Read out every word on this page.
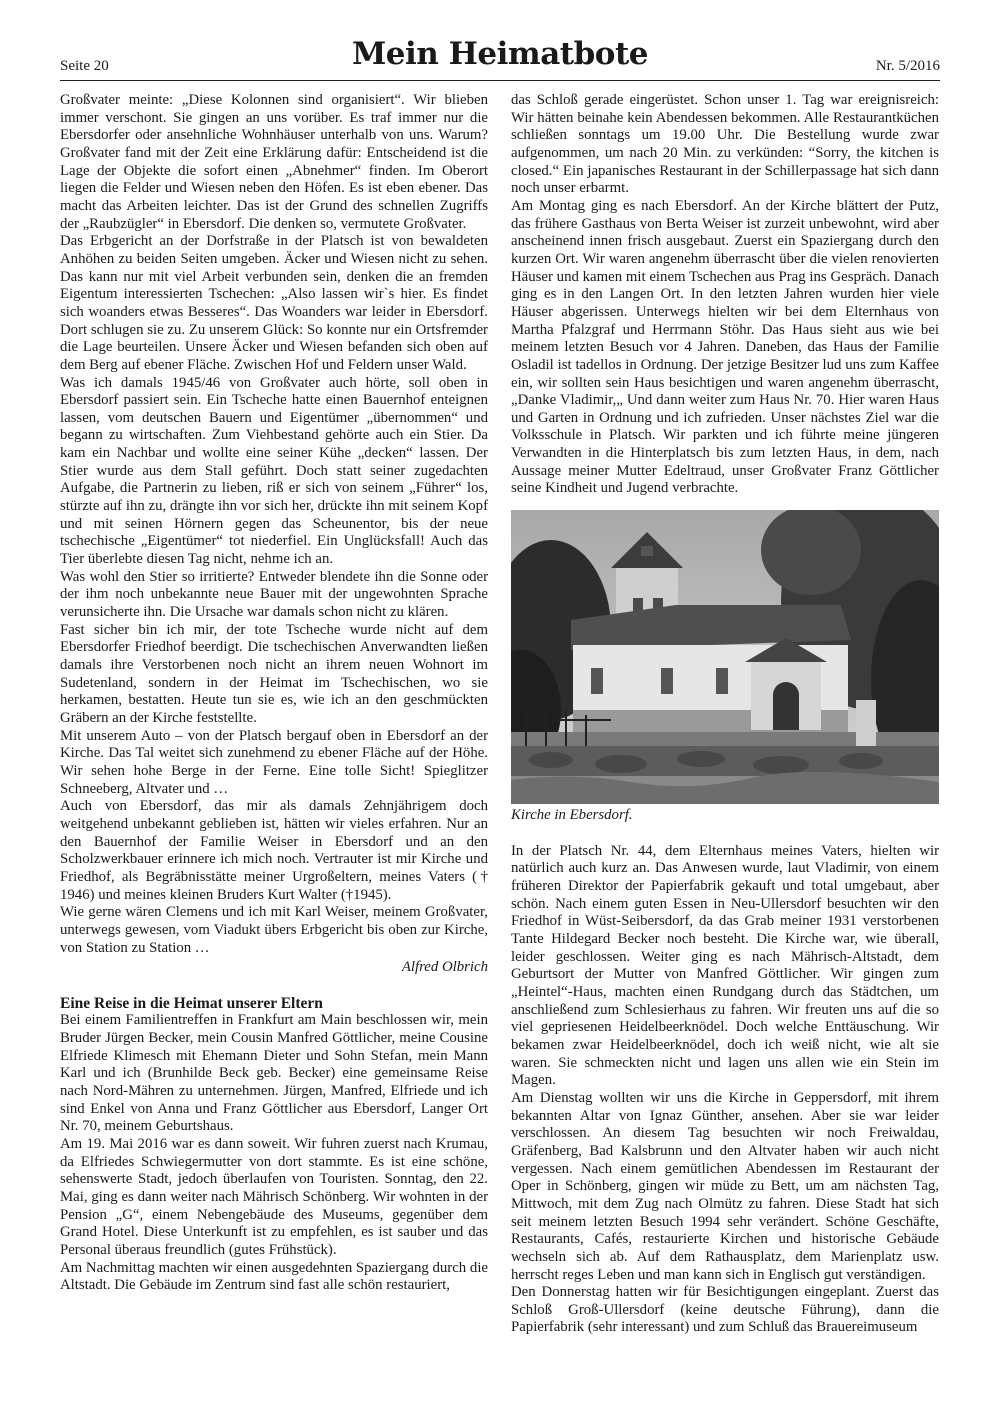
Seite 20	Mein Heimatbote	Nr. 5/2016

Großvater meinte: „Diese Kolonnen sind organisiert“. Wir blieben immer verschont. Sie gingen an uns vorüber. Es traf immer nur die Ebersdorfer oder ansehnliche Wohnhäuser unterhalb von uns. Warum? Großvater fand mit der Zeit eine Erklärung dafür: Entscheidend ist die Lage der Objekte die sofort einen „Abnehmer“ finden. Im Oberort liegen die Felder und Wiesen neben den Höfen. Es ist eben ebener. Das macht das Arbeiten leichter. Das ist der Grund des schnellen Zugriffs der „Raubzügler“ in Ebersdorf. Die denken so, vermutete Großvater.

Das Erbgericht an der Dorfstraße in der Platsch ist von bewaldeten Anhöhen zu beiden Seiten umgeben. Äcker und Wiesen nicht zu sehen. Das kann nur mit viel Arbeit verbunden sein, denken die an fremden Eigentum interessierten Tschechen: „Also lassen wir`s hier. Es findet sich woanders etwas Besseres“. Das Woanders war leider in Ebersdorf. Dort schlugen sie zu. Zu unserem Glück: So konnte nur ein Ortsfremder die Lage beurteilen. Unsere Äcker und Wiesen befanden sich oben auf dem Berg auf ebener Fläche. Zwischen Hof und Feldern unser Wald.

Was ich damals 1945/46 von Großvater auch hörte, soll oben in Ebersdorf passiert sein. Ein Tscheche hatte einen Bauernhof enteignen lassen, vom deutschen Bauern und Eigentümer „übernommen“ und begann zu wirtschaften. Zum Viehbestand gehörte auch ein Stier. Da kam ein Nachbar und wollte eine seiner Kühe „decken“ lassen. Der Stier wurde aus dem Stall geführt. Doch statt seiner zugedachten Aufgabe, die Partnerin zu lieben, riß er sich von seinem „Führer“ los, stürzte auf ihn zu, drängte ihn vor sich her, drückte ihn mit seinem Kopf und mit seinen Hörnern gegen das Scheunentor, bis der neue tschechische „Eigentümer“ tot niederfiel. Ein Unglücksfall! Auch das Tier überlebte diesen Tag nicht, nehme ich an.

Was wohl den Stier so irritierte? Entweder blendete ihn die Sonne oder der ihm noch unbekannte neue Bauer mit der ungewohnten Sprache verunsicherte ihn. Die Ursache war damals schon nicht zu klären.

Fast sicher bin ich mir, der tote Tscheche wurde nicht auf dem Ebersdorfer Friedhof beerdigt. Die tschechischen Anverwandten ließen damals ihre Verstorbenen noch nicht an ihrem neuen Wohnort im Sudetenland, sondern in der Heimat im Tschechischen, wo sie herkamen, bestatten. Heute tun sie es, wie ich an den geschmückten Gräbern an der Kirche feststellte.

Mit unserem Auto – von der Platsch bergauf oben in Ebersdorf an der Kirche. Das Tal weitet sich zunehmend zu ebener Fläche auf der Höhe. Wir sehen hohe Berge in der Ferne. Eine tolle Sicht! Spieglitzer Schneeberg, Altvater und …

Auch von Ebersdorf, das mir als damals Zehnjährigem doch weitgehend unbekannt geblieben ist, hätten wir vieles erfahren. Nur an den Bauernhof der Familie Weiser in Ebersdorf und an den Scholzwerkbauer erinnere ich mich noch. Vertrauter ist mir Kirche und Friedhof, als Begräbnisstätte meiner Urgroßeltern, meines Vaters († 1946) und meines kleinen Bruders Kurt Walter (†1945).

Wie gerne wären Clemens und ich mit Karl Weiser, meinem Großvater, unterwegs gewesen, vom Viadukt übers Erbgericht bis oben zur Kirche, von Station zu Station …

Alfred Olbrich

Eine Reise in die Heimat unserer Eltern

Bei einem Familientreffen in Frankfurt am Main beschlossen wir, mein Bruder Jürgen Becker, mein Cousin Manfred Göttlicher, meine Cousine Elfriede Klimesch mit Ehemann Dieter und Sohn Stefan, mein Mann Karl und ich (Brunhilde Beck geb. Becker) eine gemeinsame Reise nach Nord-Mähren zu unternehmen. Jürgen, Manfred, Elfriede und ich sind Enkel von Anna und Franz Göttlicher aus Ebersdorf, Langer Ort Nr. 70, meinem Geburtshaus.

Am 19. Mai 2016 war es dann soweit. Wir fuhren zuerst nach Krumau, da Elfriedes Schwiegermutter von dort stammte. Es ist eine schöne, sehenswerte Stadt, jedoch überlaufen von Touristen. Sonntag, den 22. Mai, ging es dann weiter nach Mährisch Schönberg. Wir wohnten in der Pension „G“, einem Nebengebäude des Museums, gegenüber dem Grand Hotel. Diese Unterkunft ist zu empfehlen, es ist sauber und das Personal überaus freundlich (gutes Frühstück).

Am Nachmittag machten wir einen ausgedehnten Spaziergang durch die Altstadt. Die Gebäude im Zentrum sind fast alle schön restauriert,

das Schloß gerade eingerüstet. Schon unser 1. Tag war ereignisreich: Wir hätten beinahe kein Abendessen bekommen. Alle Restaurantküchen schließen sonntags um 19.00 Uhr. Die Bestellung wurde zwar aufgenommen, um nach 20 Min. zu verkünden: “Sorry, the kitchen is closed.“ Ein japanisches Restaurant in der Schillerpassage hat sich dann noch unser erbarmt.

Am Montag ging es nach Ebersdorf. An der Kirche blättert der Putz, das frühere Gasthaus von Berta Weiser ist zurzeit unbewohnt, wird aber anscheinend innen frisch ausgebaut. Zuerst ein Spaziergang durch den kurzen Ort. Wir waren angenehm überrascht über die vielen renovierten Häuser und kamen mit einem Tschechen aus Prag ins Gespräch. Danach ging es in den Langen Ort. In den letzten Jahren wurden hier viele Häuser abgerissen. Unterwegs hielten wir bei dem Elternhaus von Martha Pfalzgraf und Herrmann Stöhr. Das Haus sieht aus wie bei meinem letzten Besuch vor 4 Jahren. Daneben, das Haus der Familie Osladil ist tadellos in Ordnung. Der jetzige Besitzer lud uns zum Kaffee ein, wir sollten sein Haus besichtigen und waren angenehm überrascht, „Danke Vladimir,„ Und dann weiter zum Haus Nr. 70. Hier waren Haus und Garten in Ordnung und ich zufrieden. Unser nächstes Ziel war die Volksschule in Platsch. Wir parkten und ich führte meine jüngeren Verwandten in die Hinterplatsch bis zum letzten Haus, in dem, nach Aussage meiner Mutter Edeltraud, unser Großvater Franz Göttlicher seine Kindheit und Jugend verbrachte.

Kirche in Ebersdorf.

In der Platsch Nr. 44, dem Elternhaus meines Vaters, hielten wir natürlich auch kurz an. Das Anwesen wurde, laut Vladimir, von einem früheren Direktor der Papierfabrik gekauft und total umgebaut, aber schön. Nach einem guten Essen in Neu-Ullersdorf besuchten wir den Friedhof in Wüst-Seibersdorf, da das Grab meiner 1931 verstorbenen Tante Hildegard Becker noch besteht. Die Kirche war, wie überall, leider geschlossen. Weiter ging es nach Mährisch-Altstadt, dem Geburtsort der Mutter von Manfred Göttlicher. Wir gingen zum „Heintel“-Haus, machten einen Rundgang durch das Städtchen, um anschließend zum Schlesierhaus zu fahren. Wir freuten uns auf die so viel gepriesenen Heidelbeerknödel. Doch welche Enttäuschung. Wir bekamen zwar Heidelbeerknödel, doch ich weiß nicht, wie alt sie waren. Sie schmeckten nicht und lagen uns allen wie ein Stein im Magen.

Am Dienstag wollten wir uns die Kirche in Geppersdorf, mit ihrem bekannten Altar von Ignaz Günther, ansehen. Aber sie war leider verschlossen. An diesem Tag besuchten wir noch Freiwaldau, Gräfenberg, Bad Kalsbrunn und den Altvater haben wir auch nicht vergessen. Nach einem gemütlichen Abendessen im Restaurant der Oper in Schönberg, gingen wir müde zu Bett, um am nächsten Tag, Mittwoch, mit dem Zug nach Olmütz zu fahren. Diese Stadt hat sich seit meinem letzten Besuch 1994 sehr verändert. Schöne Geschäfte, Restaurants, Cafés, restaurierte Kirchen und historische Gebäude wechseln sich ab. Auf dem Rathausplatz, dem Marienplatz usw. herrscht reges Leben und man kann sich in Englisch gut verständigen.

Den Donnerstag hatten wir für Besichtigungen eingeplant. Zuerst das Schloß Groß-Ullersdorf (keine deutsche Führung), dann die Papierfabrik (sehr interessant) und zum Schluß das Brauereimuseum
